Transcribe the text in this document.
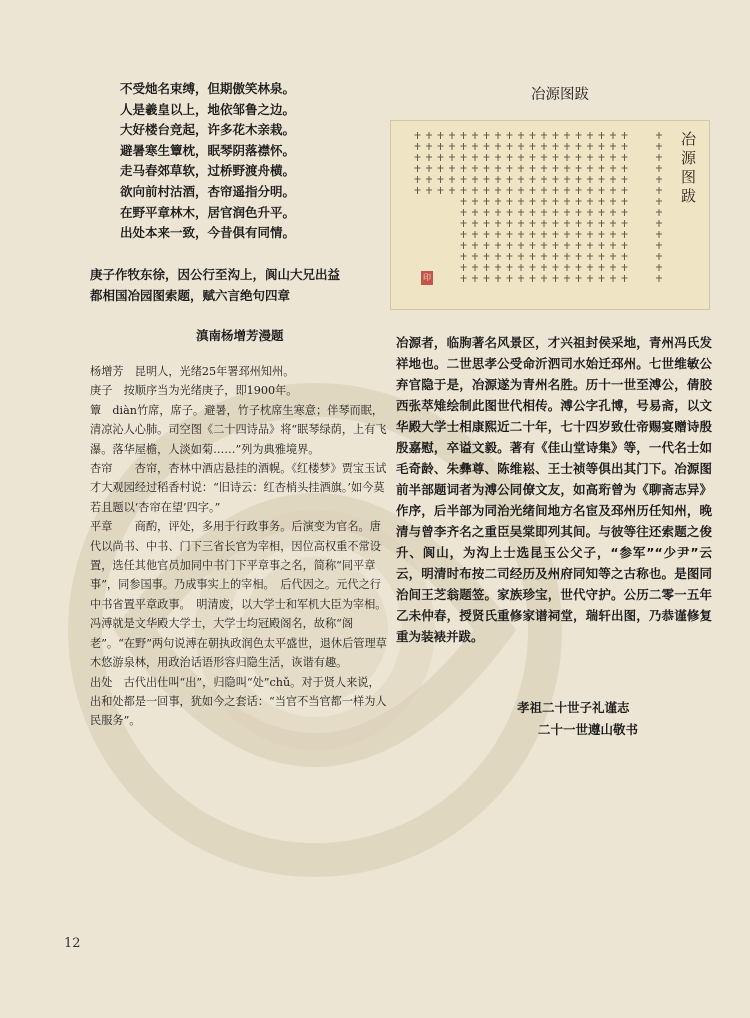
不受灺名束缚，但期傲笑林泉。
人是羲皇以上，地依邹鲁之边。
大好楼台竞起，许多花木亲栽。
避暑寒生簟枕，眠琴阴落襟怀。
走马春郊草软，过桥野渡舟横。
欲向前村沽酒，杏帘遥指分明。
在野平章林木，居官润色升平。
出处本来一致，今昔俱有同情。
庚子作牧东徐，因公行至沟上，阆山大兄出益
都相国冶园图索题，赋六言绝句四章
滇南杨增芳漫题

杨增芳　昆明人，光绪25年署邳州知州。

庚子　按顺序当为光绪庚子，即1900年。

簟　diàn竹席，席子。避暑，竹子枕席生寒意；伴琴而眠，清凉沁人心肺。司空图《二十四诗品》将“眠琴绿荫，上有飞瀑。落华屋檐，人淡如菊……”列为典雅境界。

杏帘　　杏帘，杏林中酒店悬挂的酒幌。《红楼梦》贾宝玉试才大观园经过稻香村说：“旧诗云：红杏梢头挂酒旗。’如今莫若且题以‘杏帘在望’四字。”

平章　　商酌，评处，多用于行政事务。后演变为官名。唐代以尚书、中书、门下三省长官为宰相，因位高权重不常设置，选任其他官员加同中书门下平章事之名，简称“同平章事”，同参国事。乃成事实上的宰相。　后代因之。元代之行中书省置平章政事。　明清废，以大学士和军机大臣为宰相。冯溥就是文华殿大学士，大学士均冠殿阁名，故称“阁老”。“在野”两句说溥在朝执政润色太平盛世，退休后管理草木悠游泉林，用政治话语形容归隐生活，诙谐有趣。

出处　古代出仕叫“出”，归隐叫“处”chǔ。对于贤人来说，出和处都是一回事，犹如今之套话：“当官不当官都一样为人民服务”。

冶源图跋
冶源图跋
印
冶源者，临朐著名风景区，才兴祖封侯采地，青州冯氏发祥地也。二世思孝公受命沂泗司水始迁邳州。七世维敏公弃官隐于是，冶源遂为青州名胜。历十一世至溥公，倩胶西张萃雉绘制此图世代相传。溥公字孔博，号易斋，以文华殿大学士相康熙近二十年，七十四岁致仕帝赐宴赠诗殷殷嘉慰，卒谥文毅。著有《佳山堂诗集》等，一代名士如毛奇龄、朱彝尊、陈维崧、王士祯等俱出其门下。冶源图前半部题词者为溥公同僚文友，如高珩曾为《聊斋志异》作序，后半部为同治光绪间地方名宦及邳州历任知州，晚清与曾李齐名之重臣吴棠即列其间。与彼等往还索题之俊升、阆山，为沟上士选昆玉公父子，“参军”“少尹”云云，明清时布按二司经历及州府同知等之古称也。是图同治间王芝翁题签。家族珍宝，世代守护。公历二零一五年乙未仲春，授贤氏重修家谱祠堂，瑞轩出图，乃恭谨修复重为装裱并跋。
孝祖二十世子礼谨志
二十一世遵山敬书
12
